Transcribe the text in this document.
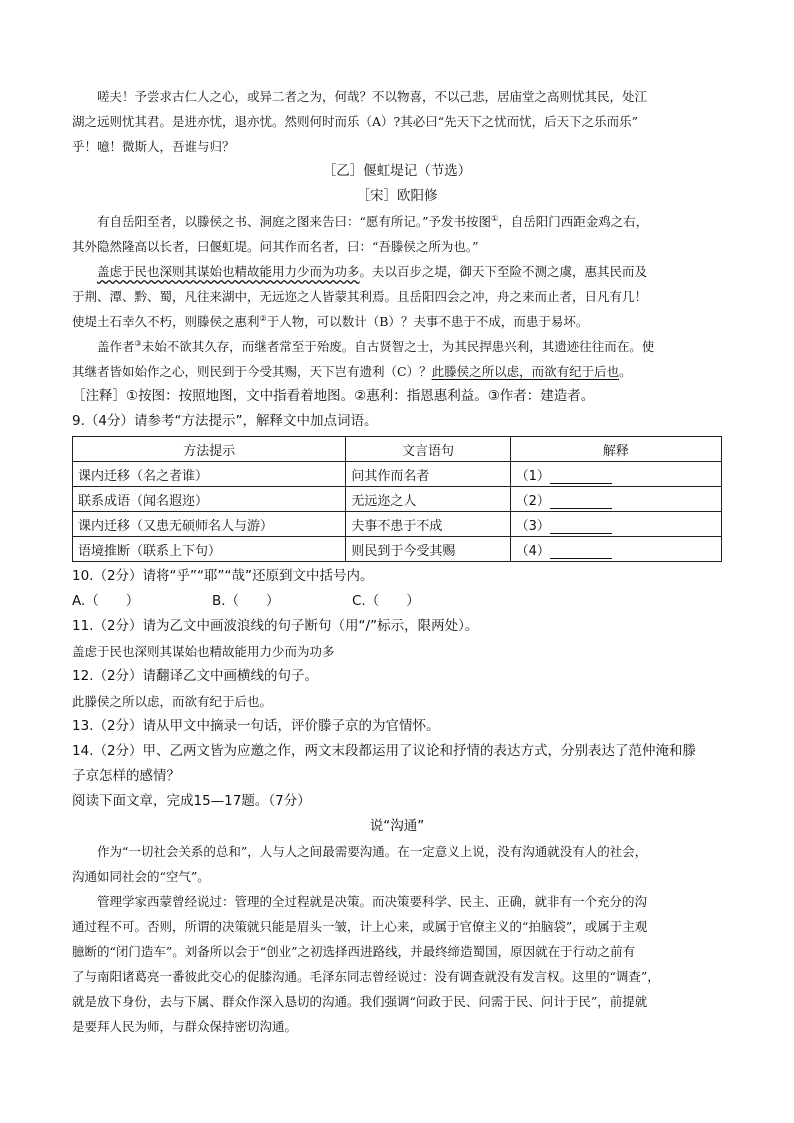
嗟夫！予尝求古仁人之心，或异二者之为，何哉？不以物喜，不以己悲，居庙堂之高则忧其民，处江

湖之远则忧其君。是进亦忧，退亦忧。然则何时而乐（A）?其必曰“先天下之忧而忧，后天下之乐而乐”

乎！噫！微斯人，吾谁与归？

［乙］偃虹堤记（节选）

［宋］欧阳修

有自岳阳至者，以滕侯之书、洞庭之图来告曰：“愿有所记。”予发书按图①，自岳阳门西距金鸡之右，

其外隐然隆高以长者，曰偃虹堤。问其作而名者，曰：“吾滕侯之所为也。”

盖虑于民也深则其谋始也精故能用力少而为功多。夫以百步之堤，御天下至险不测之虞，惠其民而及

于荆、潭、黔、蜀，凡往来湖中，无远迩之人皆蒙其利焉。且岳阳四会之冲，舟之来而止者，日凡有几！

使堤土石幸久不朽，则滕侯之惠利②于人物，可以数计（B）？夫事不患于不成，而患于易坏。

盖作者③未始不欲其久存，而继者常至于殆废。自古贤智之士，为其民捍患兴利，其遗迹往往而在。使

其继者皆如始作之心，则民到于今受其赐，天下岂有遗利（C）？此滕侯之所以虑，而欲有纪于后也。

［注释］①按图：按照地图，文中指看着地图。②惠利：指恩惠利益。③作者：建造者。

9.（4分）请参考“方法提示”，解释文中加点词语。

方法提示	文言语句	解释
课内迁移（名之者谁）	问其作而名者	（1）
联系成语（闻名遐迩）	无远迩之人	（2）
课内迁移（又患无硕师名人与游）	夫事不患于不成	（3）
语境推断（联系上下句）	则民到于今受其赐	（4）

10.（2分）请将“乎”“耶”“哉”还原到文中括号内。

A.（　　）	B.（　　）	C.（　　）

11.（2分）请为乙文中画波浪线的句子断句（用“/”标示，限两处）。

盖虑于民也深则其谋始也精故能用力少而为功多

12.（2分）请翻译乙文中画横线的句子。

此滕侯之所以虑，而欲有纪于后也。

13.（2分）请从甲文中摘录一句话，评价滕子京的为官情怀。

14.（2分）甲、乙两文皆为应邀之作，两文末段都运用了议论和抒情的表达方式，分别表达了范仲淹和滕

子京怎样的感情？

阅读下面文章，完成15—17题。（7分）

说“沟通”

作为“一切社会关系的总和”，人与人之间最需要沟通。在一定意义上说，没有沟通就没有人的社会，

沟通如同社会的“空气”。

管理学家西蒙曾经说过：管理的全过程就是决策。而决策要科学、民主、正确，就非有一个充分的沟

通过程不可。否则，所谓的决策就只能是眉头一皱，计上心来，或属于官僚主义的“拍脑袋”，或属于主观

臆断的“闭门造车”。刘备所以会于“创业”之初选择西进路线，并最终缔造蜀国，原因就在于行动之前有

了与南阳诸葛亮一番彼此交心的促膝沟通。毛泽东同志曾经说过：没有调查就没有发言权。这里的“调查”，

就是放下身份，去与下属、群众作深入恳切的沟通。我们强调“问政于民、问需于民、问计于民”，前提就

是要拜人民为师，与群众保持密切沟通。
